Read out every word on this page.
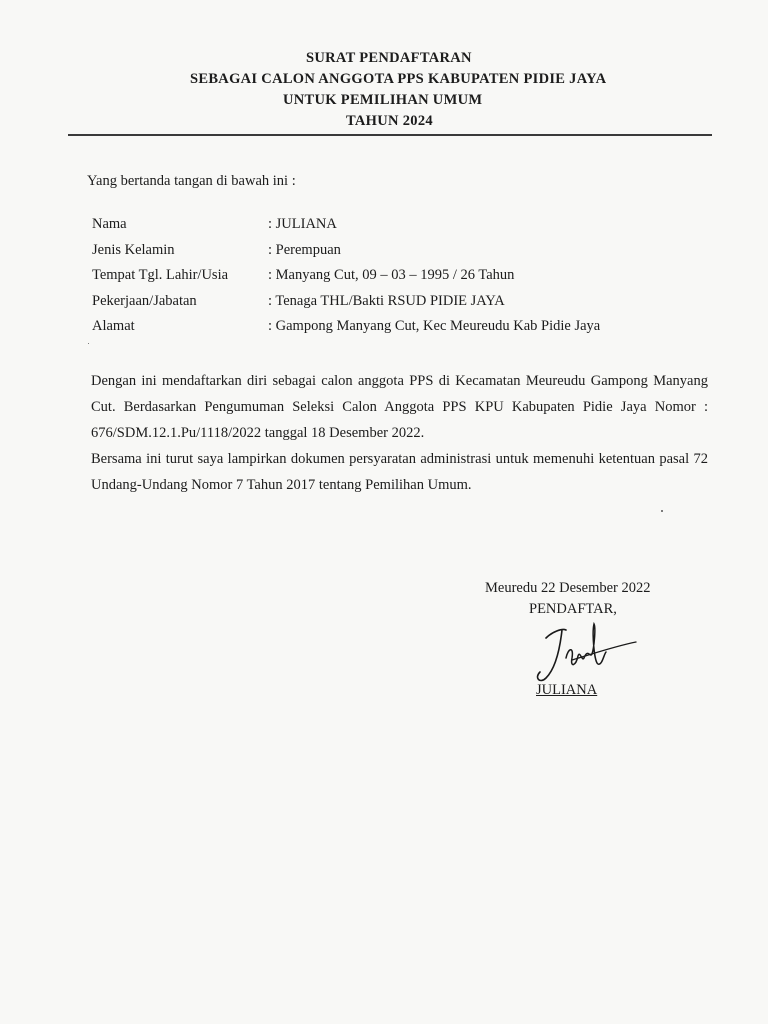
SURAT PENDAFTARAN
SEBAGAI CALON ANGGOTA PPS KABUPATEN PIDIE JAYA
UNTUK PEMILIHAN UMUM
TAHUN 2024
Yang bertanda tangan di bawah ini :
Nama	: JULIANA
Jenis Kelamin	: Perempuan
Tempat Tgl. Lahir/Usia	: Manyang Cut, 09 – 03 – 1995 / 26 Tahun
Pekerjaan/Jabatan	: Tenaga THL/Bakti RSUD PIDIE JAYA
Alamat	: Gampong Manyang Cut, Kec Meureudu Kab Pidie Jaya

Dengan ini mendaftarkan diri sebagai calon anggota PPS di Kecamatan Meureudu Gampong Manyang Cut. Berdasarkan Pengumuman Seleksi Calon Anggota PPS KPU Kabupaten Pidie Jaya Nomor : 676/SDM.12.1.Pu/1118/2022 tanggal 18 Desember 2022.

Bersama ini turut saya lampirkan dokumen persyaratan administrasi untuk memenuhi ketentuan pasal 72 Undang-Undang Nomor 7 Tahun 2017 tentang Pemilihan Umum.

Meuredu 22 Desember 2022
PENDAFTAR,
JULIANA
